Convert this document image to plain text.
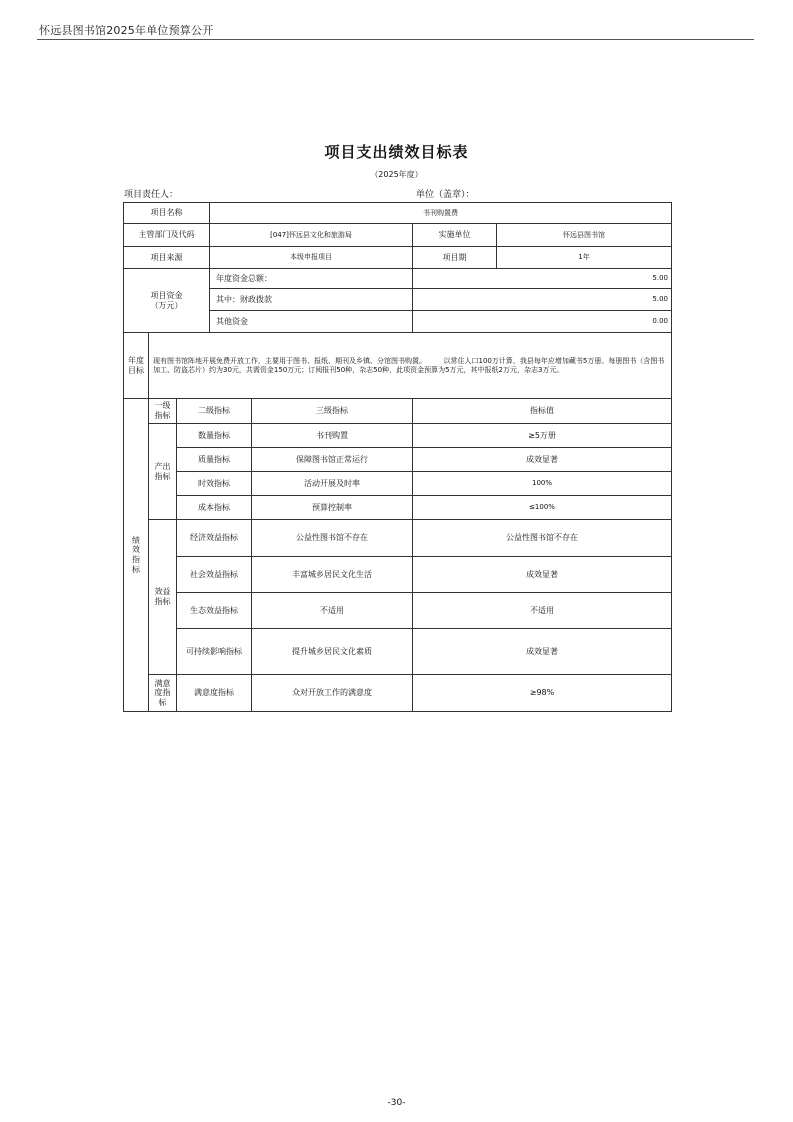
怀远县图书馆2025年单位预算公开
项目支出绩效目标表
（2025年度）
项目责任人：	单位（盖章）：
项目名称			书刊购置费			
主管部门及代码			[047]怀远县文化和旅游局		实施单位	怀远县图书馆
项目来源			本级申报项目		项目期	1年
项目资金
（万元）			年度资金总额：		5.00	
			其中：财政拨款		5.00	
			其他资金		0.00	
年度
目标	现有图书馆阵地开展免费开放工作，主要用于图书、报纸、期刊及乡镇、分馆图书购置。　　　以常住人口100万计算，我县每年应增加藏书5万册。每册图书（含图书加工、防盗芯片）约为30元，共需资金150万元；订阅报刊50种，杂志50种，此项资金预算为5万元，其中报纸2万元，杂志3万元。					
绩
效
指
标	一级
指标	二级指标		三级指标	指标值	
	产出
指标	数量指标		书刊购置	≥5万册	
		质量指标		保障图书馆正常运行	成效显著	
		时效指标		活动开展及时率	100%	
		成本指标		预算控制率	≤100%	
	效益
指标	经济效益指标		公益性图书馆不存在	公益性图书馆不存在	
		社会效益指标		丰富城乡居民文化生活	成效显著	
		生态效益指标		不适用	不适用	
		可持续影响指标		提升城乡居民文化素质	成效显著	
	满意
度指
标	满意度指标		众对开放工作的满意度	≥98%	
-30-
